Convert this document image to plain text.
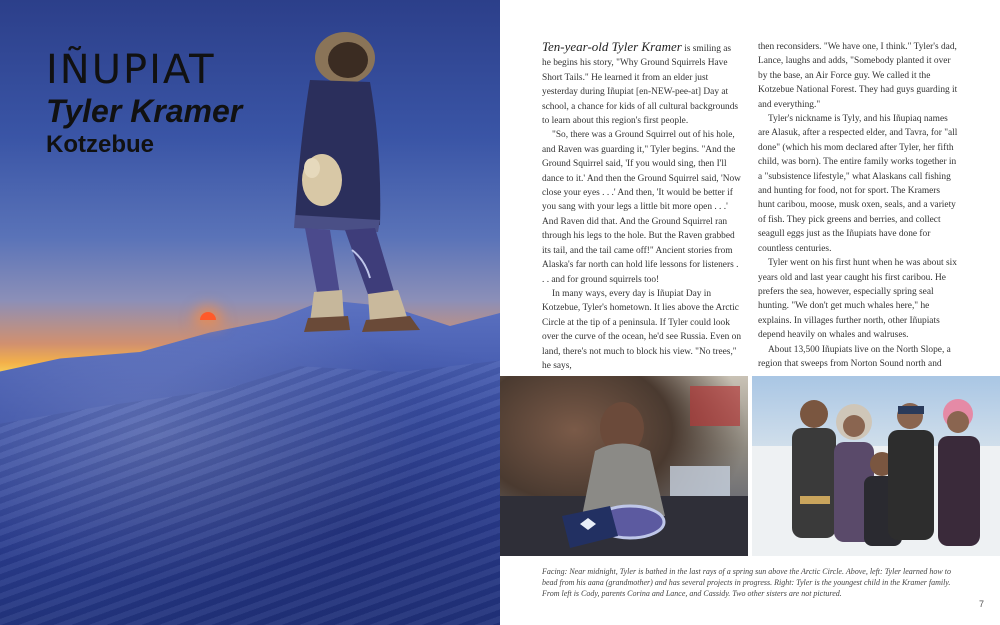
IÑUPIAT
Tyler Kramer
Kotzebue

Ten-year-old Tyler Kramer is smiling as he begins his story, "Why Ground Squirrels Have Short Tails." He learned it from an elder just yesterday during Iñupiat [en-NEW-pee-at] Day at school, a chance for kids of all cultural backgrounds to learn about this region's first people.

"So, there was a Ground Squirrel out of his hole, and Raven was guarding it," Tyler begins. "And the Ground Squirrel said, 'If you would sing, then I'll dance to it.' And then the Ground Squirrel said, 'Now close your eyes . . .' And then, 'It would be better if you sang with your legs a little bit more open . . .' And Raven did that. And the Ground Squirrel ran through his legs to the hole. But the Raven grabbed its tail, and the tail came off!" Ancient stories from Alaska's far north can hold life lessons for listeners . . . and for ground squirrels too!

In many ways, every day is Iñupiat Day in Kotzebue, Tyler's hometown. It lies above the Arctic Circle at the tip of a peninsula. If Tyler could look over the curve of the ocean, he'd see Russia. Even on land, there's not much to block his view. "No trees," he says,

then reconsiders. "We have one, I think." Tyler's dad, Lance, laughs and adds, "Somebody planted it over by the base, an Air Force guy. We called it the Kotzebue National Forest. They had guys guarding it and everything."

Tyler's nickname is Tyly, and his Iñupiaq names are Alasuk, after a respected elder, and Tavra, for "all done" (which his mom declared after Tyler, her fifth child, was born). The entire family works together in a "subsistence lifestyle," what Alaskans call fishing and hunting for food, not for sport. The Kramers hunt caribou, moose, musk oxen, seals, and a variety of fish. They pick greens and berries, and collect seagull eggs just as the Iñupiats have done for countless centuries.

Tyler went on his first hunt when he was about six years old and last year caught his first caribou. He prefers the sea, however, especially spring seal hunting. "We don't get much whales here," he explains. In villages further north, other Iñupiats depend heavily on whales and walruses.

About 13,500 Iñupiats live on the North Slope, a region that sweeps from Norton Sound north and

Facing: Near midnight, Tyler is bathed in the last rays of a spring sun above the Arctic Circle. Above, left: Tyler learned how to bead from his aana (grandmother) and has several projects in progress. Right: Tyler is the youngest child in the Kramer family. From left is Cody, parents Corina and Lance, and Cassidy. Two other sisters are not pictured.
7
